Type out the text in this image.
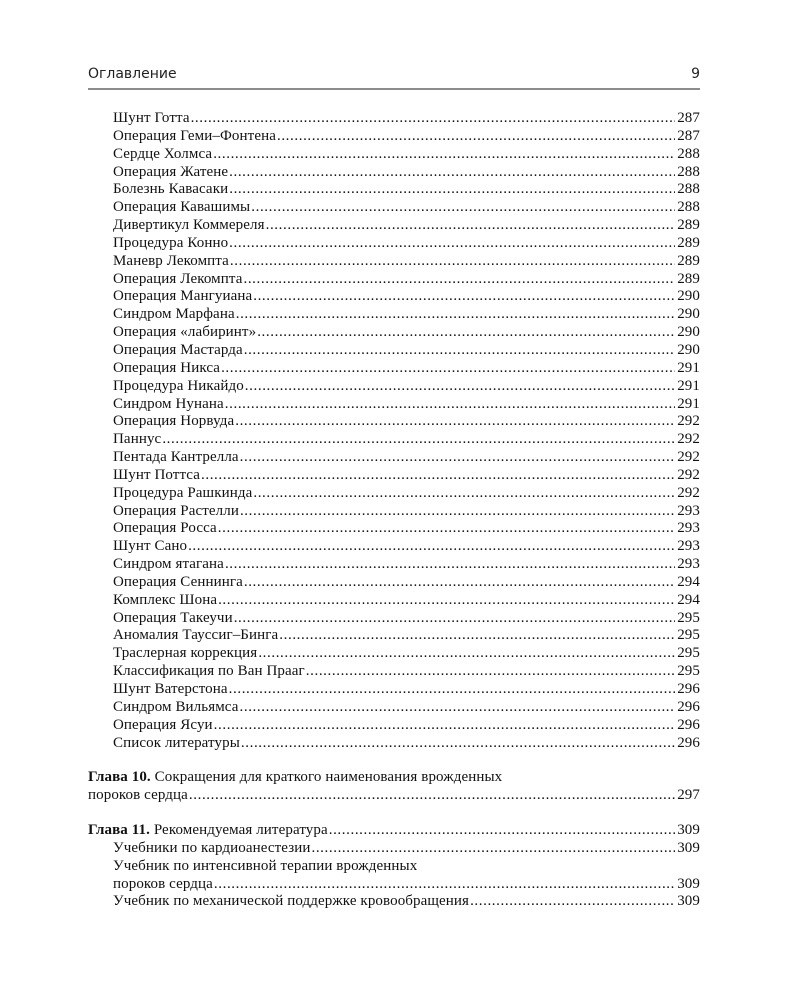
Оглавление	9
Шунт Готта .....	287
Операция Геми–Фонтена .....	287
Сердце Холмса .....	288
Операция Жатене .....	288
Болезнь Кавасаки .....	288
Операция Кавашимы .....	288
Дивертикул Коммереля .....	289
Процедура Конно .....	289
Маневр Лекомпта .....	289
Операция Лекомпта .....	289
Операция Мангуиана .....	290
Синдром Марфана .....	290
Операция «лабиринт» .....	290
Операция Мастарда .....	290
Операция Никса .....	291
Процедура Никайдо .....	291
Синдром Нунана .....	291
Операция Норвуда .....	292
Паннус .....	292
Пентада Кантрелла .....	292
Шунт Поттса .....	292
Процедура Рашкинда .....	292
Операция Растелли .....	293
Операция Росса .....	293
Шунт Сано .....	293
Синдром ятагана .....	293
Операция Сеннинга .....	294
Комплекс Шона .....	294
Операция Такеучи .....	295
Аномалия Тауссиг–Бинга .....	295
Траслерная коррекция .....	295
Классификация по Ван Прааг .....	295
Шунт Ватерстона .....	296
Синдром Вильямса .....	296
Операция Ясуи .....	296
Список литературы .....	296
Глава 10. Сокращения для краткого наименования врожденных
пороков сердца .....	297
Глава 11. Рекомендуемая литература .....	309
Учебники по кардиоанестезии .....	309
Учебник по интенсивной терапии врожденных
пороков сердца .....	309
Учебник по механической поддержке кровообращения .....	309
